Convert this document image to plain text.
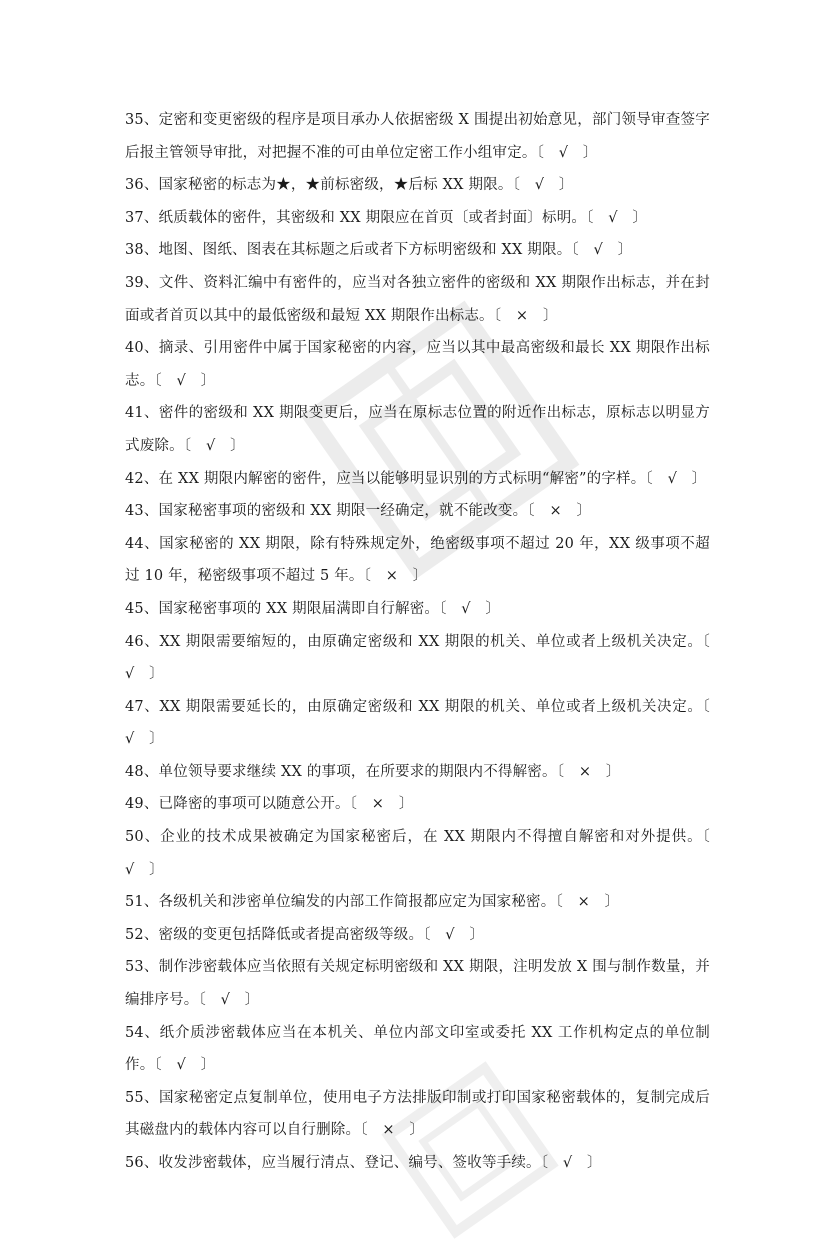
35、定密和变更密级的程序是项目承办人依据密级 X 围提出初始意见，部门领导审查签字后报主管领导审批，对把握不准的可由单位定密工作小组审定。〔　√　〕

36、国家秘密的标志为★，★前标密级，★后标 XX 期限。〔　√　〕

37、纸质载体的密件，其密级和 XX 期限应在首页〔或者封面〕标明。〔　√　〕

38、地图、图纸、图表在其标题之后或者下方标明密级和 XX 期限。〔　√　〕

39、文件、资料汇编中有密件的，应当对各独立密件的密级和 XX 期限作出标志，并在封面或者首页以其中的最低密级和最短 XX 期限作出标志。〔　×　〕

40、摘录、引用密件中属于国家秘密的内容，应当以其中最高密级和最长 XX 期限作出标志。〔　√　〕

41、密件的密级和 XX 期限变更后，应当在原标志位置的附近作出标志，原标志以明显方式废除。〔　√　〕

42、在 XX 期限内解密的密件，应当以能够明显识别的方式标明“解密”的字样。〔　√　〕

43、国家秘密事项的密级和 XX 期限一经确定，就不能改变。〔　×　〕

44、国家秘密的 XX 期限，除有特殊规定外，绝密级事项不超过 20 年，XX 级事项不超过 10 年，秘密级事项不超过 5 年。〔　×　〕

45、国家秘密事项的 XX 期限届满即自行解密。〔　√　〕

46、XX 期限需要缩短的，由原确定密级和 XX 期限的机关、单位或者上级机关决定。〔　√　〕

47、XX 期限需要延长的，由原确定密级和 XX 期限的机关、单位或者上级机关决定。〔　√　〕

48、单位领导要求继续 XX 的事项，在所要求的期限内不得解密。〔　×　〕

49、已降密的事项可以随意公开。〔　×　〕

50、企业的技术成果被确定为国家秘密后，在 XX 期限内不得擅自解密和对外提供。〔　√　〕

51、各级机关和涉密单位编发的内部工作简报都应定为国家秘密。〔　×　〕

52、密级的变更包括降低或者提高密级等级。〔　√　〕

53、制作涉密载体应当依照有关规定标明密级和 XX 期限，注明发放 X 围与制作数量，并编排序号。〔　√　〕

54、纸介质涉密载体应当在本机关、单位内部文印室或委托 XX 工作机构定点的单位制作。〔　√　〕

55、国家秘密定点复制单位，使用电子方法排版印制或打印国家秘密载体的，复制完成后其磁盘内的载体内容可以自行删除。〔　×　〕

56、收发涉密载体，应当履行清点、登记、编号、签收等手续。〔　√　〕
